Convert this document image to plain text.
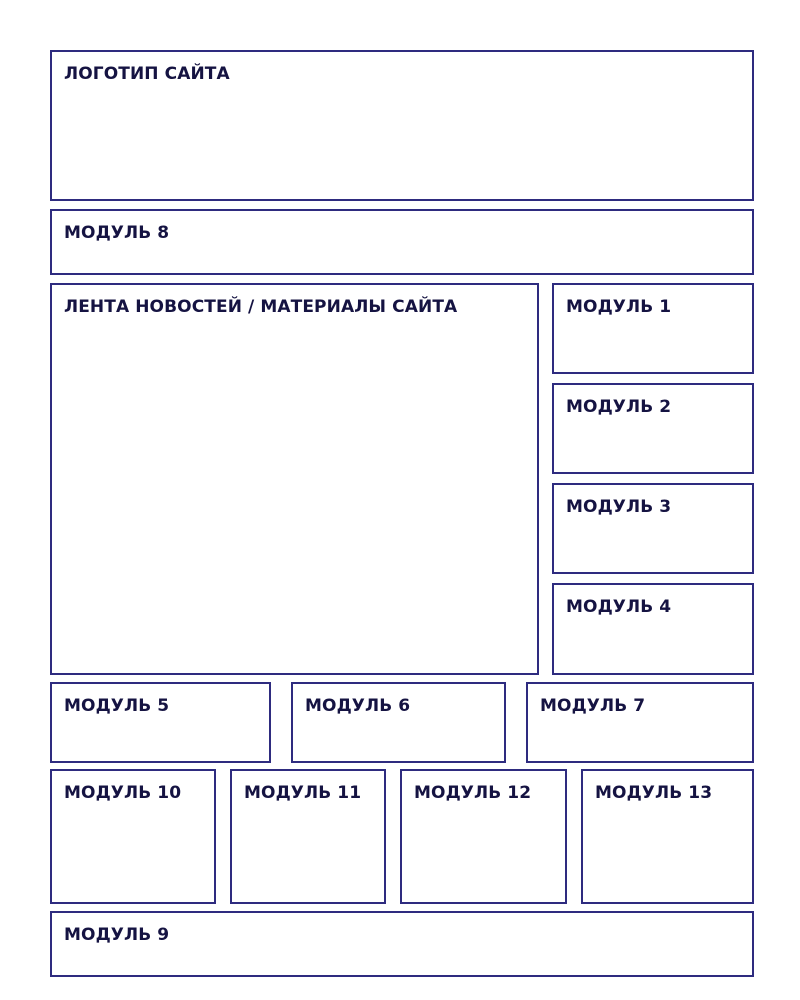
ЛОГОТИП САЙТА
МОДУЛЬ 8
ЛЕНТА НОВОСТЕЙ / МАТЕРИАЛЫ САЙТА	МОДУЛЬ 1
МОДУЛЬ 2
МОДУЛЬ 3
МОДУЛЬ 4
МОДУЛЬ 5	МОДУЛЬ 6	МОДУЛЬ 7
МОДУЛЬ 10	МОДУЛЬ 11	МОДУЛЬ 12	МОДУЛЬ 13
МОДУЛЬ 9
